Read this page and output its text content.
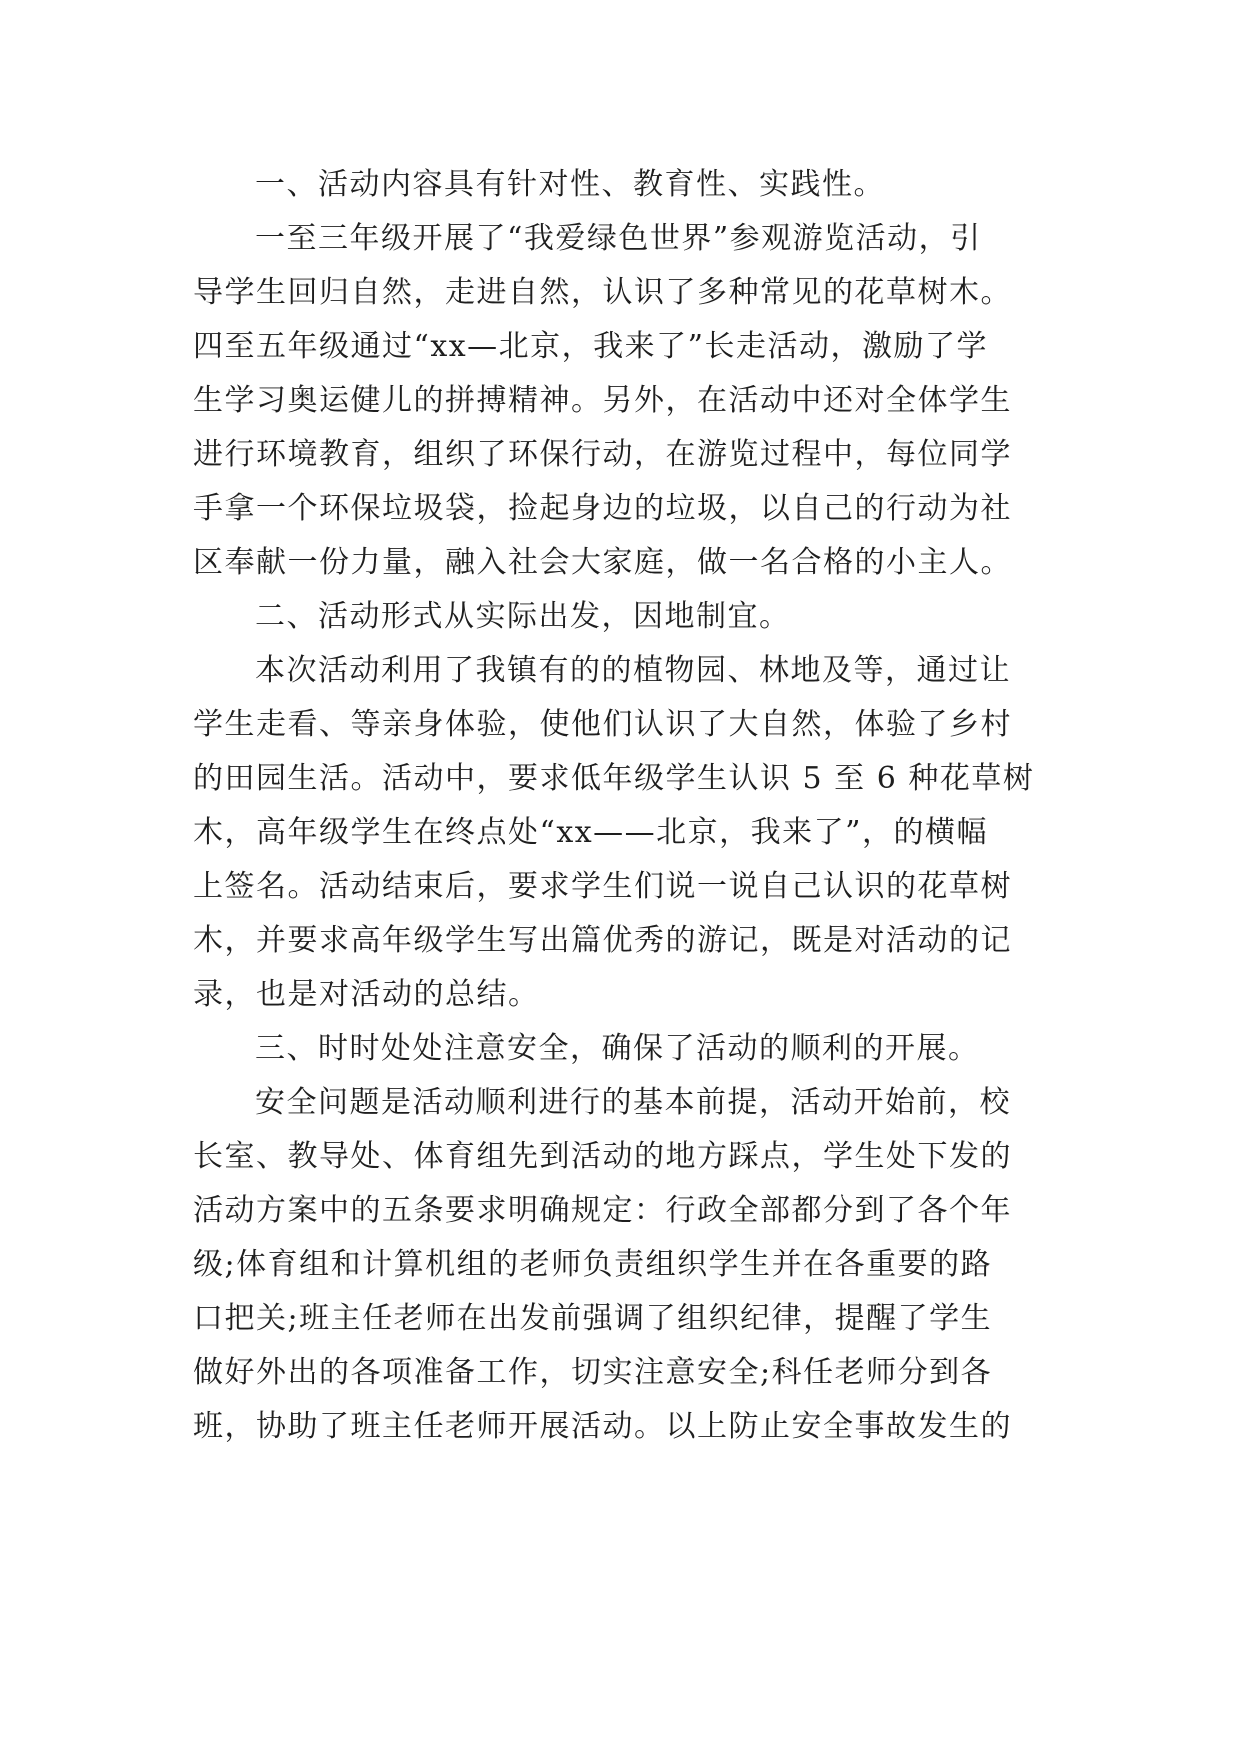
一、活动内容具有针对性、教育性、实践性。
一至三年级开展了“我爱绿色世界”参观游览活动，引
导学生回归自然，走进自然，认识了多种常见的花草树木。
四至五年级通过“xx—北京，我来了”长走活动，激励了学
生学习奥运健儿的拼搏精神。另外，在活动中还对全体学生
进行环境教育，组织了环保行动，在游览过程中，每位同学
手拿一个环保垃圾袋，捡起身边的垃圾，以自己的行动为社
区奉献一份力量，融入社会大家庭，做一名合格的小主人。
二、活动形式从实际出发，因地制宜。
本次活动利用了我镇有的的植物园、林地及等，通过让
学生走看、等亲身体验，使他们认识了大自然，体验了乡村
的田园生活。活动中，要求低年级学生认识 5 至 6 种花草树
木，高年级学生在终点处“xx——北京，我来了”，的横幅
上签名。活动结束后，要求学生们说一说自己认识的花草树
木，并要求高年级学生写出篇优秀的游记，既是对活动的记
录，也是对活动的总结。
三、时时处处注意安全，确保了活动的顺利的开展。
安全问题是活动顺利进行的基本前提，活动开始前，校
长室、教导处、体育组先到活动的地方踩点，学生处下发的
活动方案中的五条要求明确规定：行政全部都分到了各个年
级;体育组和计算机组的老师负责组织学生并在各重要的路
口把关;班主任老师在出发前强调了组织纪律，提醒了学生
做好外出的各项准备工作，切实注意安全;科任老师分到各
班，协助了班主任老师开展活动。以上防止安全事故发生的
